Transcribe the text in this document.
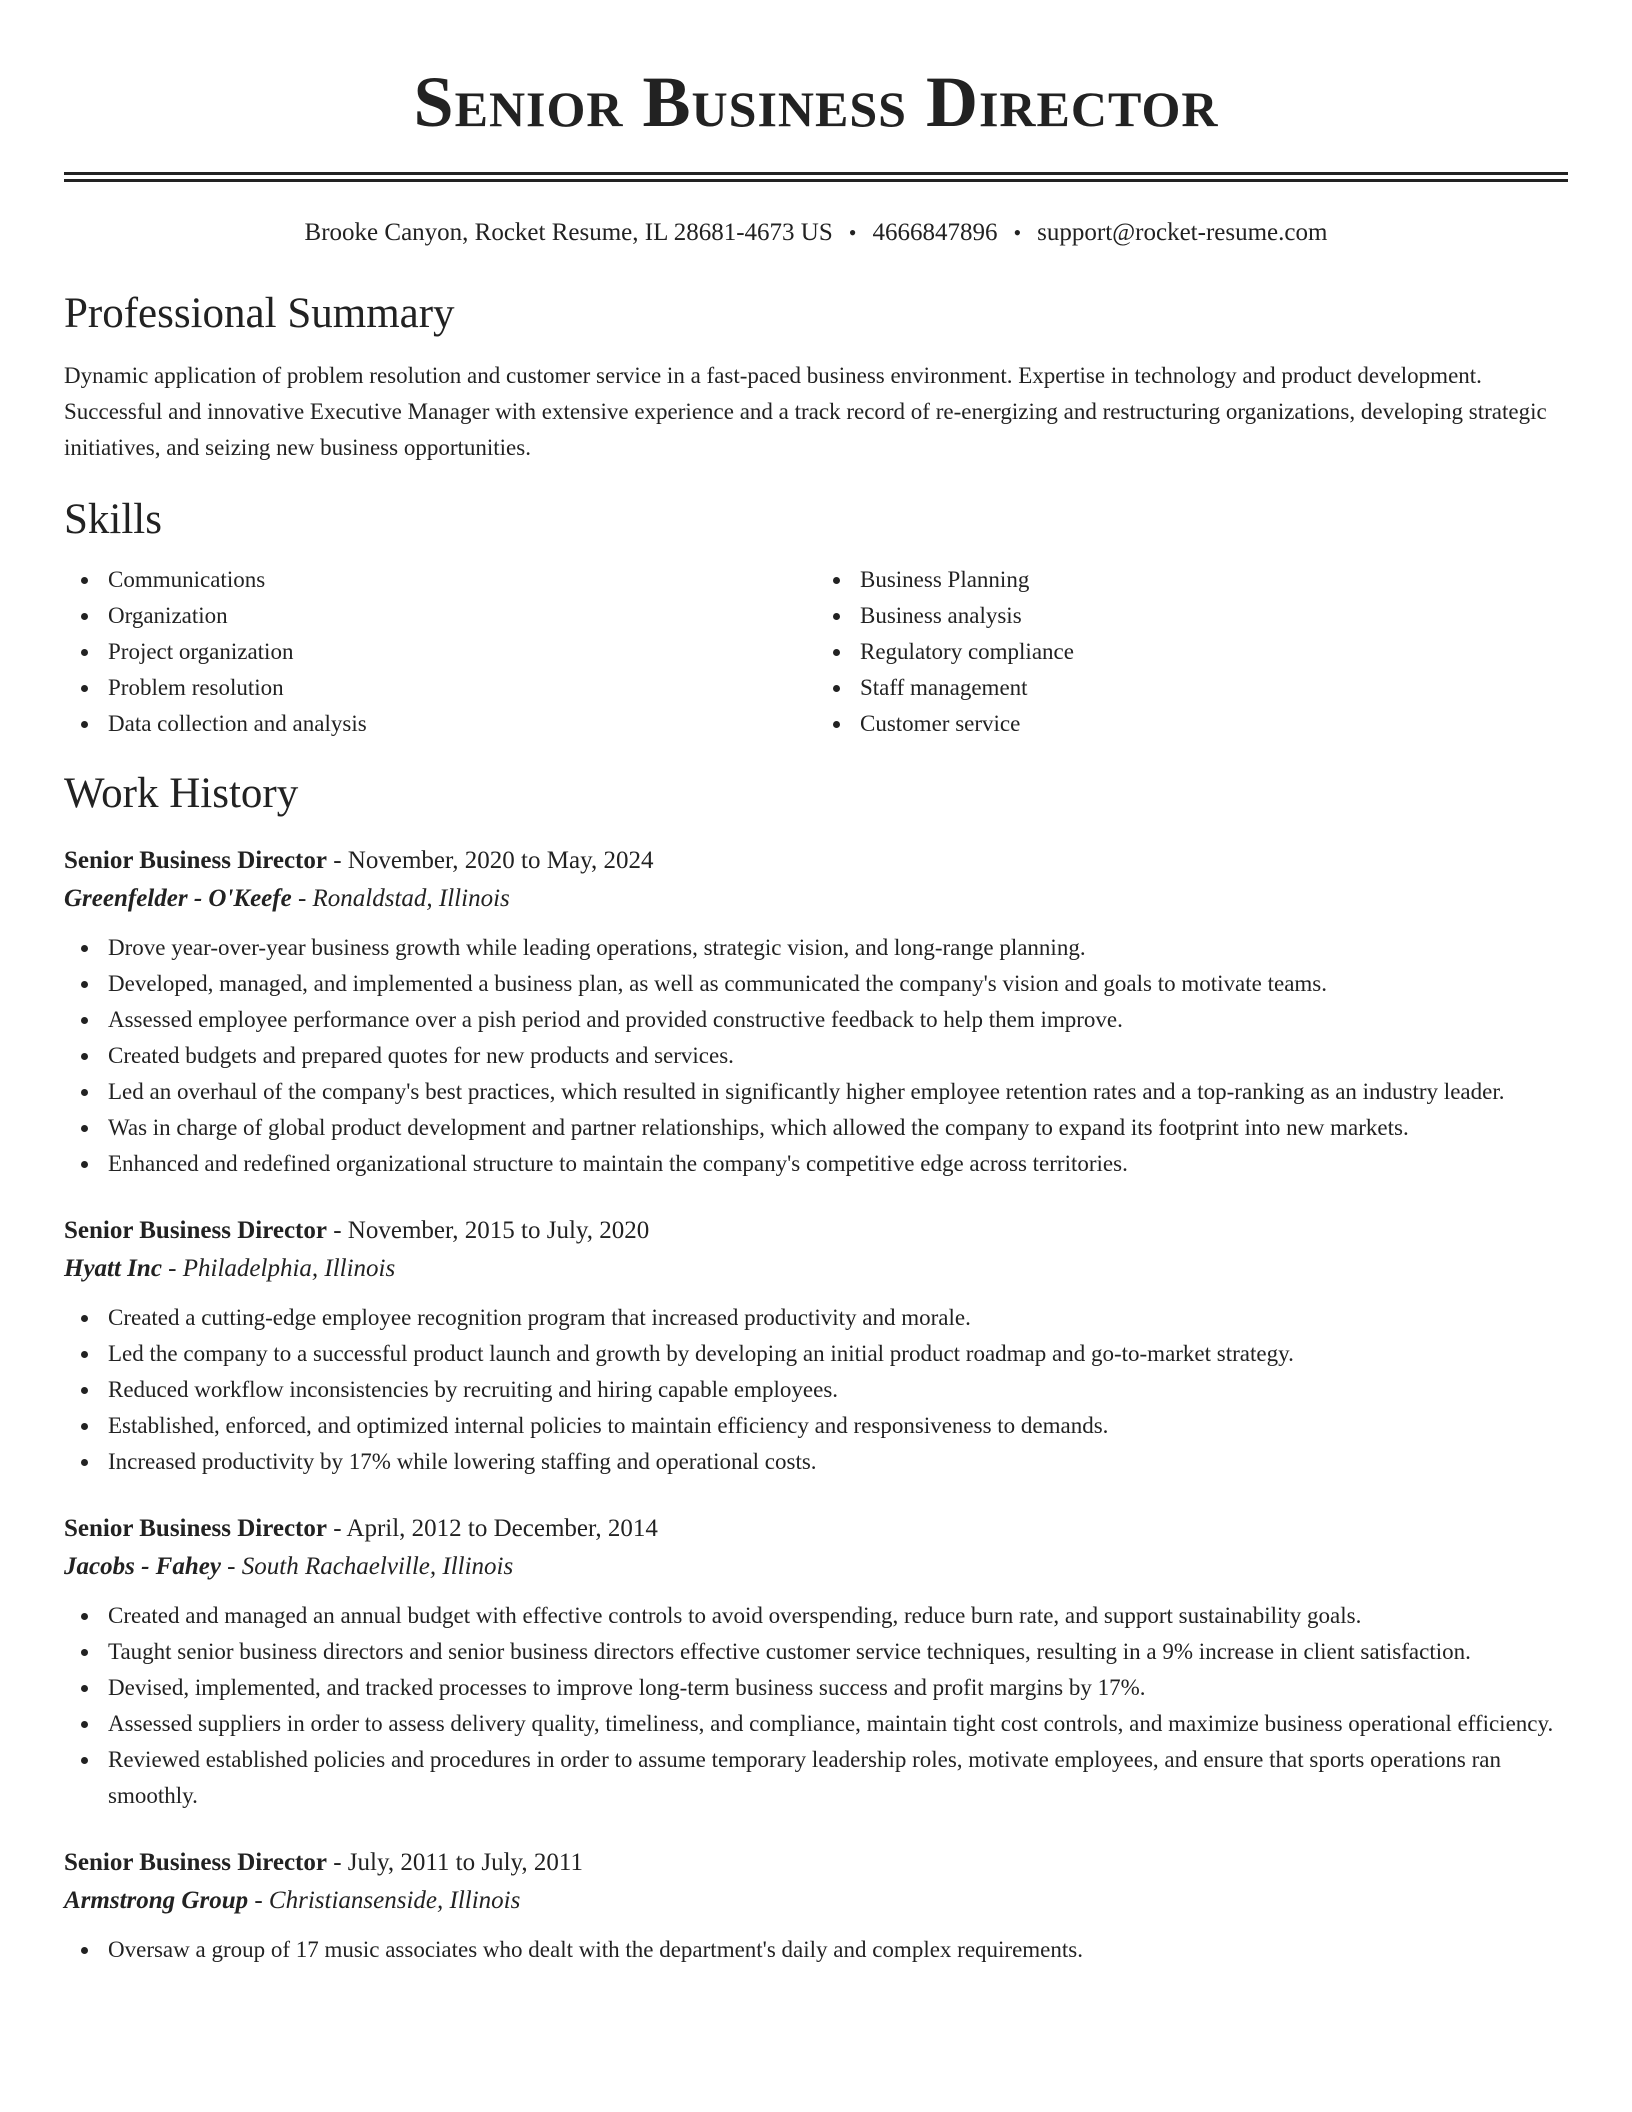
Senior Business Director
Brooke Canyon, Rocket Resume, IL 28681-4673 US • 4666847896 • support@rocket-resume.com
Professional Summary

Dynamic application of problem resolution and customer service in a fast-paced business environment. Expertise in technology and product development. Successful and innovative Executive Manager with extensive experience and a track record of re-energizing and restructuring organizations, developing strategic initiatives, and seizing new business opportunities.

Skills
Communications
Organization
Project organization
Problem resolution
Data collection and analysis
Business Planning
Business analysis
Regulatory compliance
Staff management
Customer service
Work History
Senior Business Director - November, 2020 to May, 2024
Greenfelder - O'Keefe - Ronaldstad, Illinois
Drove year-over-year business growth while leading operations, strategic vision, and long-range planning.
Developed, managed, and implemented a business plan, as well as communicated the company's vision and goals to motivate teams.
Assessed employee performance over a pish period and provided constructive feedback to help them improve.
Created budgets and prepared quotes for new products and services.
Led an overhaul of the company's best practices, which resulted in significantly higher employee retention rates and a top-ranking as an industry leader.
Was in charge of global product development and partner relationships, which allowed the company to expand its footprint into new markets.
Enhanced and redefined organizational structure to maintain the company's competitive edge across territories.
Senior Business Director - November, 2015 to July, 2020
Hyatt Inc - Philadelphia, Illinois
Created a cutting-edge employee recognition program that increased productivity and morale.
Led the company to a successful product launch and growth by developing an initial product roadmap and go-to-market strategy.
Reduced workflow inconsistencies by recruiting and hiring capable employees.
Established, enforced, and optimized internal policies to maintain efficiency and responsiveness to demands.
Increased productivity by 17% while lowering staffing and operational costs.
Senior Business Director - April, 2012 to December, 2014
Jacobs - Fahey - South Rachaelville, Illinois
Created and managed an annual budget with effective controls to avoid overspending, reduce burn rate, and support sustainability goals.
Taught senior business directors and senior business directors effective customer service techniques, resulting in a 9% increase in client satisfaction.
Devised, implemented, and tracked processes to improve long-term business success and profit margins by 17%.
Assessed suppliers in order to assess delivery quality, timeliness, and compliance, maintain tight cost controls, and maximize business operational efficiency.
Reviewed established policies and procedures in order to assume temporary leadership roles, motivate employees, and ensure that sports operations ran smoothly.
Senior Business Director - July, 2011 to July, 2011
Armstrong Group - Christiansenside, Illinois
Oversaw a group of 17 music associates who dealt with the department's daily and complex requirements.
